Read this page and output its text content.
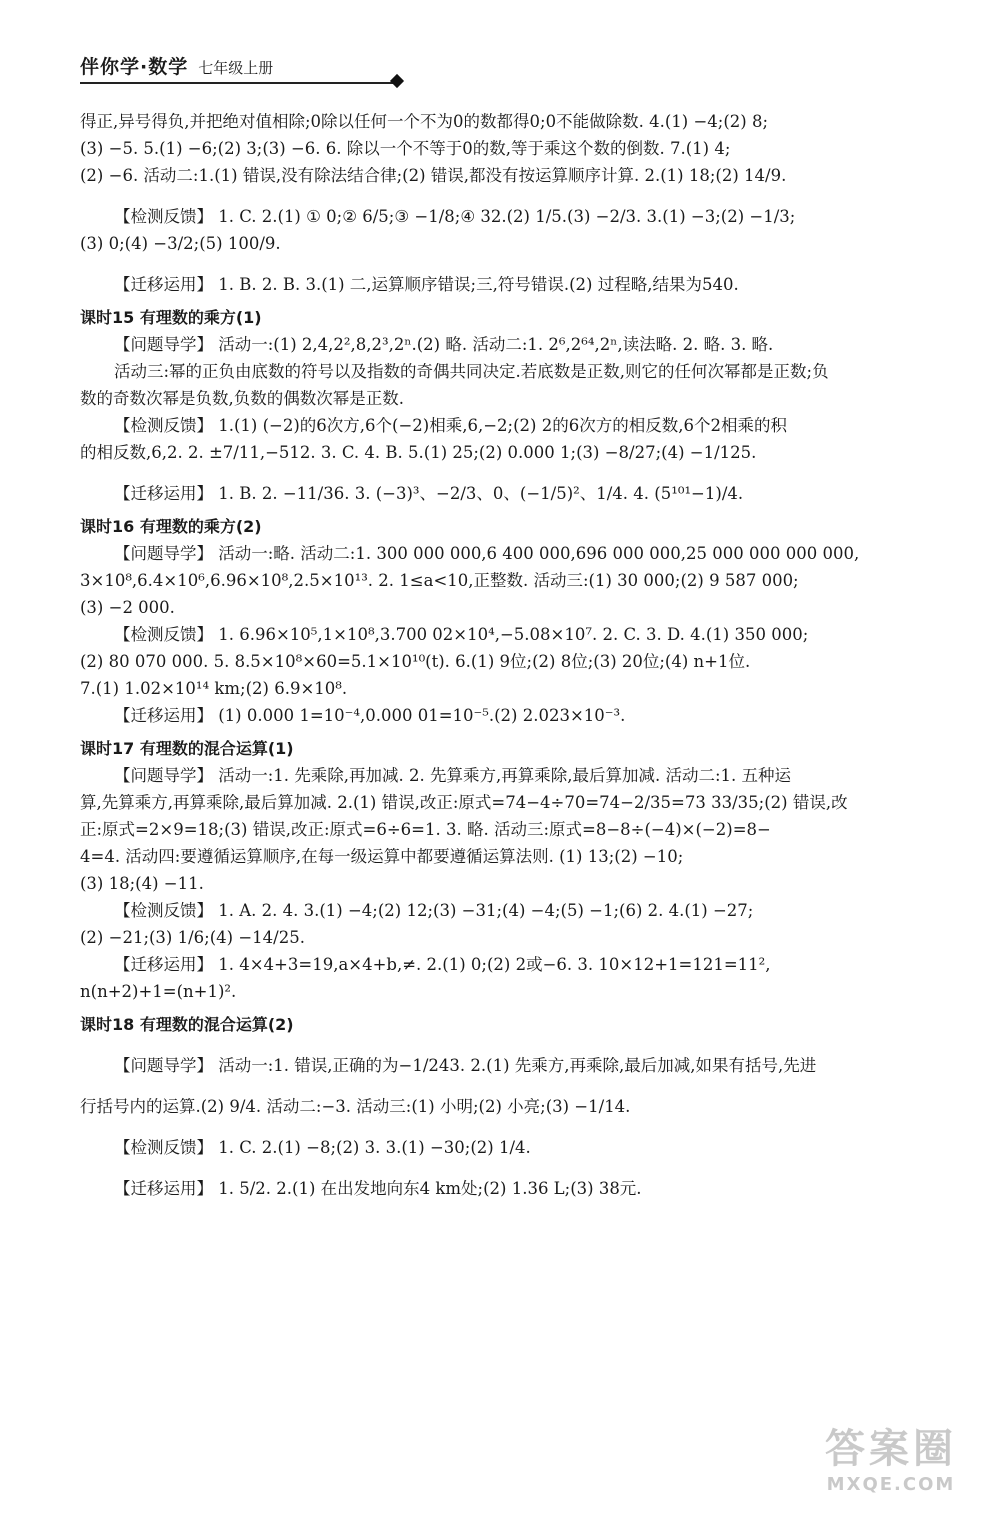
伴你学·数学 七年级上册
得正,异号得负,并把绝对值相除;0除以任何一个不为0的数都得0;0不能做除数. 4.(1) −4;(2) 8;
(3) −5. 5.(1) −6;(2) 3;(3) −6. 6. 除以一个不等于0的数,等于乘这个数的倒数. 7.(1) 4;
(2) −6. 活动二:1.(1) 错误,没有除法结合律;(2) 错误,都没有按运算顺序计算. 2.(1) 18;(2) 14/9.
【检测反馈】 1. C. 2.(1) ① 0;② 6/5;③ −1/8;④ 32.(2) 1/5.(3) −2/3. 3.(1) −3;(2) −1/3;
(3) 0;(4) −3/2;(5) 100/9.
【迁移运用】 1. B. 2. B. 3.(1) 二,运算顺序错误;三,符号错误.(2) 过程略,结果为540.
课时15 有理数的乘方(1)
【问题导学】 活动一:(1) 2,4,2²,8,2³,2ⁿ.(2) 略. 活动二:1. 2⁶,2⁶⁴,2ⁿ,读法略. 2. 略. 3. 略.
活动三:幂的正负由底数的符号以及指数的奇偶共同决定.若底数是正数,则它的任何次幂都是正数;负
数的奇数次幂是负数,负数的偶数次幂是正数.
【检测反馈】 1.(1) (−2)的6次方,6个(−2)相乘,6,−2;(2) 2的6次方的相反数,6个2相乘的积
的相反数,6,2. 2. ±7/11,−512. 3. C. 4. B. 5.(1) 25;(2) 0.000 1;(3) −8/27;(4) −1/125.
【迁移运用】 1. B. 2. −11/36. 3. (−3)³、−2/3、0、(−1/5)²、1/4. 4. (5¹⁰¹−1)/4.
课时16 有理数的乘方(2)
【问题导学】 活动一:略. 活动二:1. 300 000 000,6 400 000,696 000 000,25 000 000 000 000,
3×10⁸,6.4×10⁶,6.96×10⁸,2.5×10¹³. 2. 1≤a<10,正整数. 活动三:(1) 30 000;(2) 9 587 000;
(3) −2 000.
【检测反馈】 1. 6.96×10⁵,1×10⁸,3.700 02×10⁴,−5.08×10⁷. 2. C. 3. D. 4.(1) 350 000;
(2) 80 070 000. 5. 8.5×10⁸×60=5.1×10¹⁰(t). 6.(1) 9位;(2) 8位;(3) 20位;(4) n+1位.
7.(1) 1.02×10¹⁴ km;(2) 6.9×10⁸.
【迁移运用】 (1) 0.000 1=10⁻⁴,0.000 01=10⁻⁵.(2) 2.023×10⁻³.
课时17 有理数的混合运算(1)
【问题导学】 活动一:1. 先乘除,再加减. 2. 先算乘方,再算乘除,最后算加减. 活动二:1. 五种运
算,先算乘方,再算乘除,最后算加减. 2.(1) 错误,改正:原式=74−4÷70=74−2/35=73 33/35;(2) 错误,改
正:原式=2×9=18;(3) 错误,改正:原式=6÷6=1. 3. 略. 活动三:原式=8−8÷(−4)×(−2)=8−
4=4. 活动四:要遵循运算顺序,在每一级运算中都要遵循运算法则. (1) 13;(2) −10;
(3) 18;(4) −11.
【检测反馈】 1. A. 2. 4. 3.(1) −4;(2) 12;(3) −31;(4) −4;(5) −1;(6) 2. 4.(1) −27;
(2) −21;(3) 1/6;(4) −14/25.
【迁移运用】 1. 4×4+3=19,a×4+b,≠. 2.(1) 0;(2) 2或−6. 3. 10×12+1=121=11²,
n(n+2)+1=(n+1)².
课时18 有理数的混合运算(2)
【问题导学】 活动一:1. 错误,正确的为−1/243. 2.(1) 先乘方,再乘除,最后加减,如果有括号,先进
行括号内的运算.(2) 9/4. 活动二:−3. 活动三:(1) 小明;(2) 小亮;(3) −1/14.
【检测反馈】 1. C. 2.(1) −8;(2) 3. 3.(1) −30;(2) 1/4.
【迁移运用】 1. 5/2. 2.(1) 在出发地向东4 km处;(2) 1.36 L;(3) 38元.
答案圈
MXQE.COM
